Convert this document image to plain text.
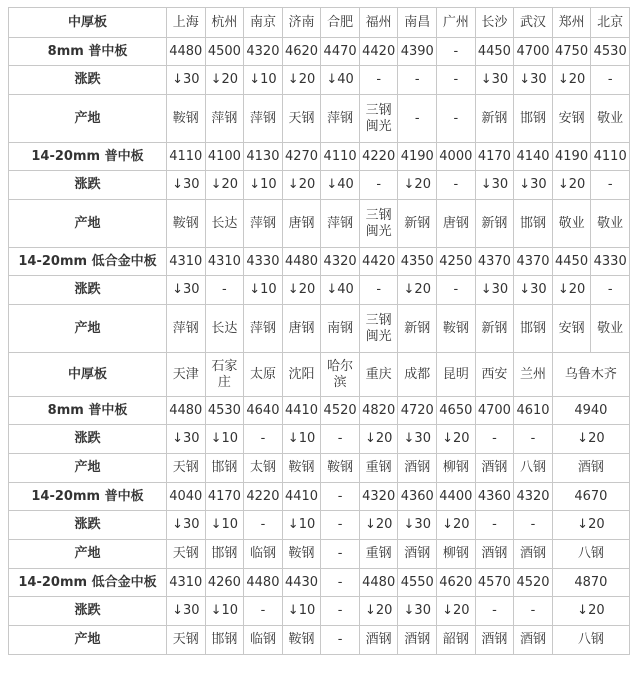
中厚板	上海	杭州	南京	济南	合肥	福州	南昌	广州	长沙	武汉	郑州	北京
8mm 普中板	4480	4500	4320	4620	4470	4420	4390	-	4450	4700	4750	4530
涨跌	↓30	↓20	↓10	↓20	↓40	-	-	-	↓30	↓30	↓20	-
产地	鞍钢	萍钢	萍钢	天钢	萍钢	三钢闽光	-	-	新钢	邯钢	安钢	敬业
14-20mm 普中板	4110	4100	4130	4270	4110	4220	4190	4000	4170	4140	4190	4110
涨跌	↓30	↓20	↓10	↓20	↓40	-	↓20	-	↓30	↓30	↓20	-
产地	鞍钢	长达	萍钢	唐钢	萍钢	三钢闽光	新钢	唐钢	新钢	邯钢	敬业	敬业
14-20mm 低合金中板	4310	4310	4330	4480	4320	4420	4350	4250	4370	4370	4450	4330
涨跌	↓30	-	↓10	↓20	↓40	-	↓20	-	↓30	↓30	↓20	-
产地	萍钢	长达	萍钢	唐钢	南钢	三钢闽光	新钢	鞍钢	新钢	邯钢	安钢	敬业
中厚板	天津	石家庄	太原	沈阳	哈尔滨	重庆	成都	昆明	西安	兰州	乌鲁木齐	
8mm 普中板	4480	4530	4640	4410	4520	4820	4720	4650	4700	4610	4940	
涨跌	↓30	↓10	-	↓10	-	↓20	↓30	↓20	-	-	↓20	
产地	天钢	邯钢	太钢	鞍钢	鞍钢	重钢	酒钢	柳钢	酒钢	八钢	酒钢	
14-20mm 普中板	4040	4170	4220	4410	-	4320	4360	4400	4360	4320	4670	
涨跌	↓30	↓10	-	↓10	-	↓20	↓30	↓20	-	-	↓20	
产地	天钢	邯钢	临钢	鞍钢	-	重钢	酒钢	柳钢	酒钢	酒钢	八钢	
14-20mm 低合金中板	4310	4260	4480	4430	-	4480	4550	4620	4570	4520	4870	
涨跌	↓30	↓10	-	↓10	-	↓20	↓30	↓20	-	-	↓20	
产地	天钢	邯钢	临钢	鞍钢	-	酒钢	酒钢	韶钢	酒钢	酒钢	八钢	
